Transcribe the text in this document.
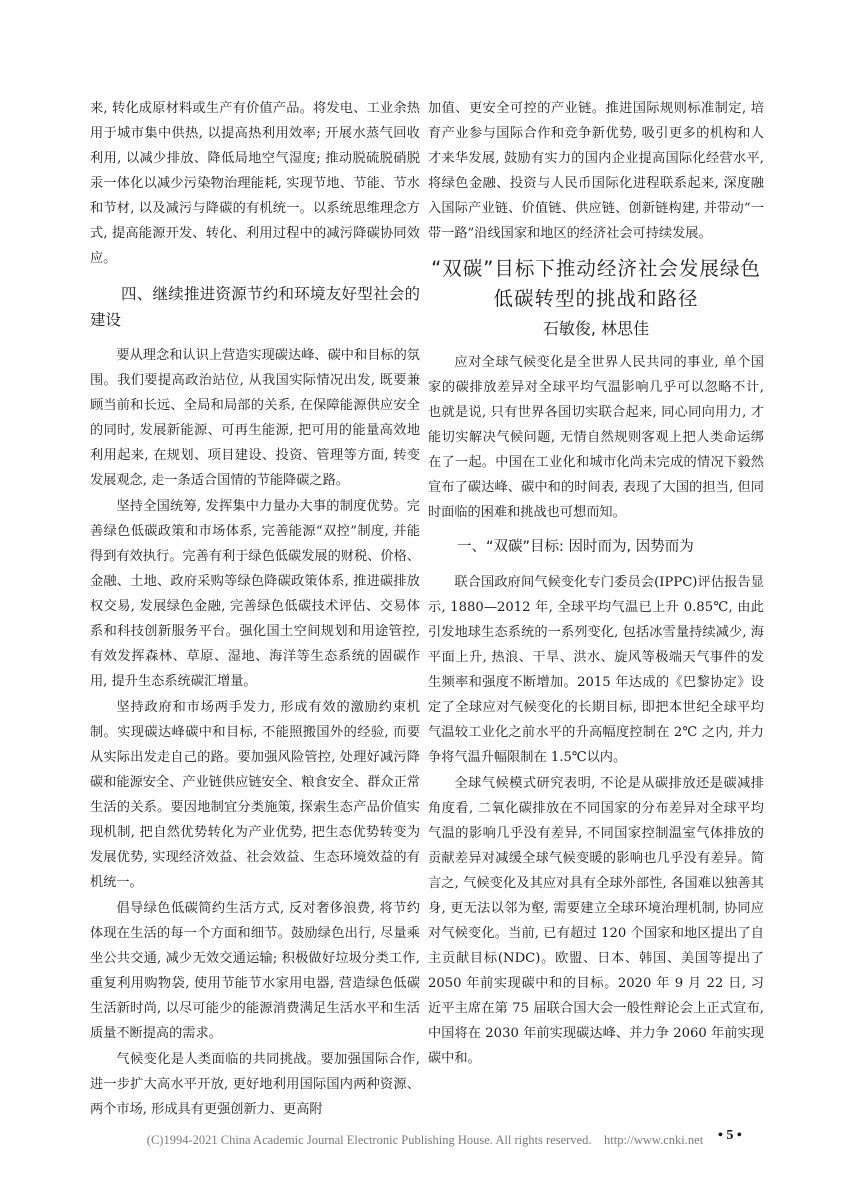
来, 转化成原材料或生产有价值产品。将发电、工业余热用于城市集中供热, 以提高热利用效率; 开展水蒸气回收利用, 以减少排放、降低局地空气湿度; 推动脱硫脱硝脱汞一体化以减少污染物治理能耗, 实现节地、节能、节水和节材, 以及减污与降碳的有机统一。以系统思维理念方式, 提高能源开发、转化、利用过程中的减污降碳协同效应。

四、继续推进资源节约和环境友好型社会的建设

要从理念和认识上营造实现碳达峰、碳中和目标的氛围。我们要提高政治站位, 从我国实际情况出发, 既要兼顾当前和长远、全局和局部的关系, 在保障能源供应安全的同时, 发展新能源、可再生能源, 把可用的能量高效地利用起来, 在规划、项目建设、投资、管理等方面, 转变发展观念, 走一条适合国情的节能降碳之路。

坚持全国统筹, 发挥集中力量办大事的制度优势。完善绿色低碳政策和市场体系, 完善能源“双控”制度, 并能得到有效执行。完善有利于绿色低碳发展的财税、价格、金融、土地、政府采购等绿色降碳政策体系, 推进碳排放权交易, 发展绿色金融, 完善绿色低碳技术评估、交易体系和科技创新服务平台。强化国土空间规划和用途管控, 有效发挥森林、草原、湿地、海洋等生态系统的固碳作用, 提升生态系统碳汇增量。

坚持政府和市场两手发力, 形成有效的激励约束机制。实现碳达峰碳中和目标, 不能照搬国外的经验, 而要从实际出发走自己的路。要加强风险管控, 处理好减污降碳和能源安全、产业链供应链安全、粮食安全、群众正常生活的关系。要因地制宜分类施策, 探索生态产品价值实现机制, 把自然优势转化为产业优势, 把生态优势转变为发展优势, 实现经济效益、社会效益、生态环境效益的有机统一。

倡导绿色低碳简约生活方式, 反对奢侈浪费, 将节约体现在生活的每一个方面和细节。鼓励绿色出行, 尽量乘坐公共交通, 减少无效交通运输; 积极做好垃圾分类工作, 重复利用购物袋, 使用节能节水家用电器, 营造绿色低碳生活新时尚, 以尽可能少的能源消费满足生活水平和生活质量不断提高的需求。

气候变化是人类面临的共同挑战。要加强国际合作, 进一步扩大高水平开放, 更好地利用国际国内两种资源、两个市场, 形成具有更强创新力、更高附

加值、更安全可控的产业链。推进国际规则标准制定, 培育产业参与国际合作和竞争新优势, 吸引更多的机构和人才来华发展, 鼓励有实力的国内企业提高国际化经营水平, 将绿色金融、投资与人民币国际化进程联系起来, 深度融入国际产业链、价值链、供应链、创新链构建, 并带动“一带一路”沿线国家和地区的经济社会可持续发展。

“双碳”目标下推动经济社会发展绿色
低碳转型的挑战和路径
石敏俊, 林思佳

应对全球气候变化是全世界人民共同的事业, 单个国家的碳排放差异对全球平均气温影响几乎可以忽略不计, 也就是说, 只有世界各国切实联合起来, 同心同向用力, 才能切实解决气候问题, 无情自然规则客观上把人类命运绑在了一起。中国在工业化和城市化尚未完成的情况下毅然宣布了碳达峰、碳中和的时间表, 表现了大国的担当, 但同时面临的困难和挑战也可想而知。

一、“双碳”目标: 因时而为, 因势而为

联合国政府间气候变化专门委员会(IPPC)评估报告显示, 1880—2012 年, 全球平均气温已上升 0.85℃, 由此引发地球生态系统的一系列变化, 包括冰雪量持续减少, 海平面上升, 热浪、干旱、洪水、旋风等极端天气事件的发生频率和强度不断增加。2015 年达成的《巴黎协定》设定了全球应对气候变化的长期目标, 即把本世纪全球平均气温较工业化之前水平的升高幅度控制在 2℃ 之内, 并力争将气温升幅限制在 1.5℃以内。

全球气候模式研究表明, 不论是从碳排放还是碳减排角度看, 二氧化碳排放在不同国家的分布差异对全球平均气温的影响几乎没有差异, 不同国家控制温室气体排放的贡献差异对减缓全球气候变暖的影响也几乎没有差异。简言之, 气候变化及其应对具有全球外部性, 各国难以独善其身, 更无法以邻为壑, 需要建立全球环境治理机制, 协同应对气候变化。当前, 已有超过 120 个国家和地区提出了自主贡献目标(NDC)。欧盟、日本、韩国、美国等提出了 2050 年前实现碳中和的目标。2020 年 9 月 22 日, 习近平主席在第 75 届联合国大会一般性辩论会上正式宣布, 中国将在 2030 年前实现碳达峰、并力争 2060 年前实现碳中和。

(C)1994-2021 China Academic Journal Electronic Publishing House. All rights reserved.    http://www.cnki.net	• 5 •
